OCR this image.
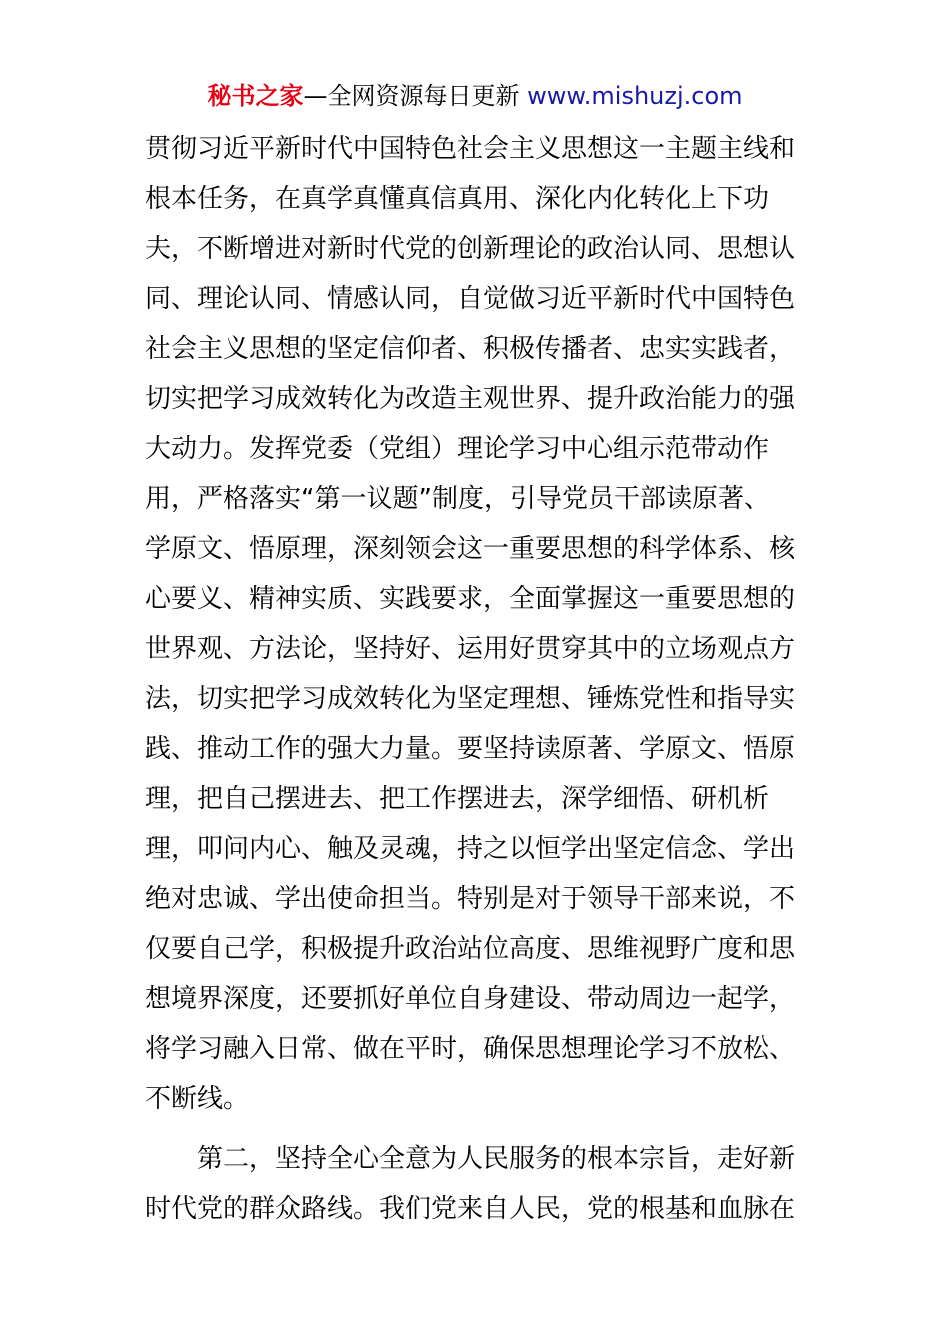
秘书之家—全网资源每日更新 www.mishuzj.com
贯彻习近平新时代中国特色社会主义思想这一主题主线和
根本任务，在真学真懂真信真用、深化内化转化上下功
夫，不断增进对新时代党的创新理论的政治认同、思想认
同、理论认同、情感认同，自觉做习近平新时代中国特色
社会主义思想的坚定信仰者、积极传播者、忠实实践者，
切实把学习成效转化为改造主观世界、提升政治能力的强
大动力。发挥党委（党组）理论学习中心组示范带动作
用，严格落实“第一议题”制度，引导党员干部读原著、
学原文、悟原理，深刻领会这一重要思想的科学体系、核
心要义、精神实质、实践要求，全面掌握这一重要思想的
世界观、方法论，坚持好、运用好贯穿其中的立场观点方
法，切实把学习成效转化为坚定理想、锤炼党性和指导实
践、推动工作的强大力量。要坚持读原著、学原文、悟原
理，把自己摆进去、把工作摆进去，深学细悟、研机析
理，叩问内心、触及灵魂，持之以恒学出坚定信念、学出
绝对忠诚、学出使命担当。特别是对于领导干部来说，不
仅要自己学，积极提升政治站位高度、思维视野广度和思
想境界深度，还要抓好单位自身建设、带动周边一起学，
将学习融入日常、做在平时，确保思想理论学习不放松、
不断线。
　　第二，坚持全心全意为人民服务的根本宗旨，走好新
时代党的群众路线。我们党来自人民，党的根基和血脉在
